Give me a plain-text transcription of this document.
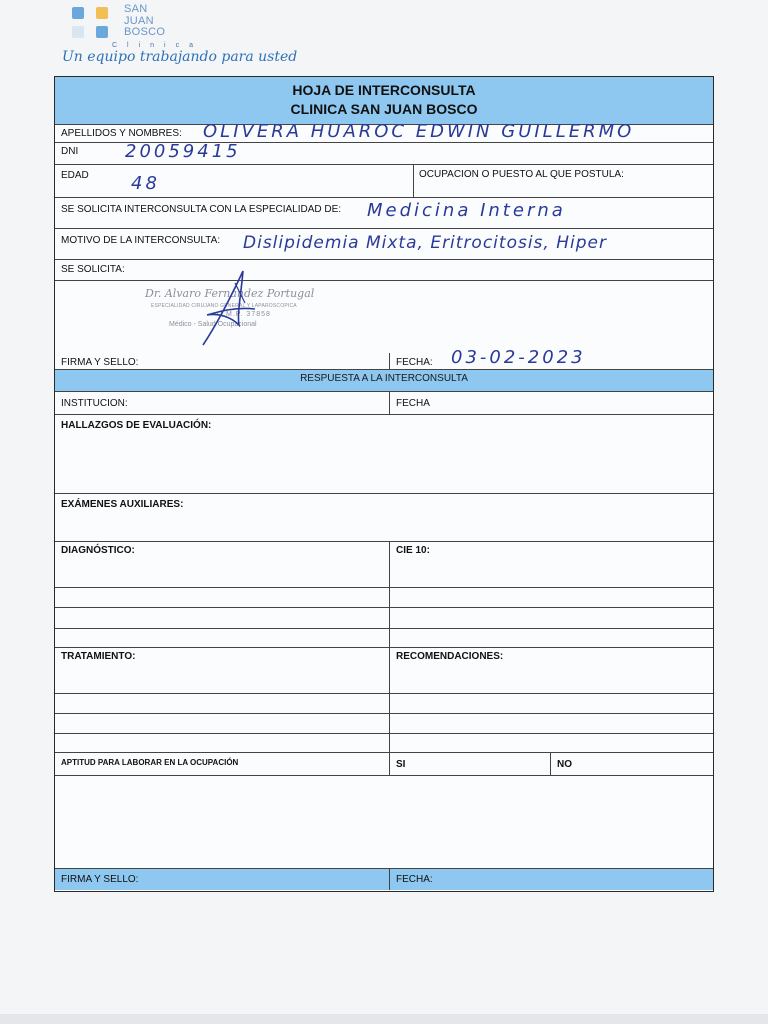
SAN
JUAN
BOSCO
Clinica
Un equipo trabajando para usted
HOJA DE INTERCONSULTA
CLINICA SAN JUAN BOSCO
APELLIDOS Y NOMBRES: OLIVERA HUAROC EDWIN GUILLERMO
DNI	20059415
EDAD 48	OCUPACION O PUESTO AL QUE POSTULA:
SE SOLICITA INTERCONSULTA CON LA ESPECIALIDAD DE: Medicina Interna
MOTIVO DE LA INTERCONSULTA: Dislipidemia Mixta, Eritrocitosis, Hiper
SE SOLICITA:
Dr. Alvaro Fernández Portugal
ESPECIALIDAD CIRUJANO GENERAL Y LAPAROSCOPICA
C.M.P. 37858
Médico - Salud Ocupacional
FIRMA Y SELLO:	FECHA: 03-02-2023
RESPUESTA A LA INTERCONSULTA
INSTITUCION:	FECHA
HALLAZGOS DE EVALUACIÓN:
EXÁMENES AUXILIARES:
DIAGNÓSTICO:	CIE 10:
TRATAMIENTO:	RECOMENDACIONES:
APTITUD PARA LABORAR EN LA OCUPACIÓN	SI	NO
FIRMA Y SELLO:	FECHA:
